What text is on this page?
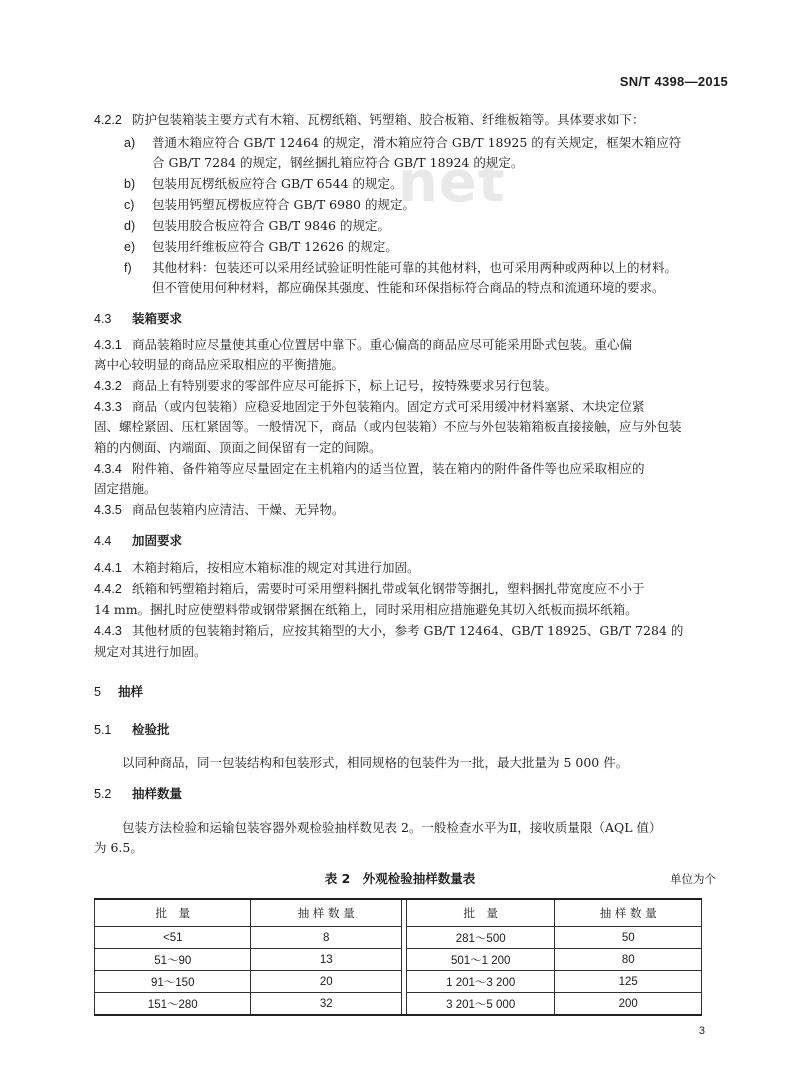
SN/T 4398—2015
net
4.2.2 防护包装箱装主要方式有木箱、瓦楞纸箱、钙塑箱、胶合板箱、纤维板箱等。具体要求如下：
a) 普通木箱应符合 GB/T 12464 的规定，滑木箱应符合 GB/T 18925 的有关规定，框架木箱应符
合 GB/T 7284 的规定，钢丝捆扎箱应符合 GB/T 18924 的规定。
b) 包装用瓦楞纸板应符合 GB/T 6544 的规定。
c) 包装用钙塑瓦楞板应符合 GB/T 6980 的规定。
d) 包装用胶合板应符合 GB/T 9846 的规定。
e) 包装用纤维板应符合 GB/T 12626 的规定。
f) 其他材料：包装还可以采用经试验证明性能可靠的其他材料，也可采用两种或两种以上的材料。
但不管使用何种材料，都应确保其强度、性能和环保指标符合商品的特点和流通环境的要求。
4.3 装箱要求
4.3.1 商品装箱时应尽量使其重心位置居中靠下。重心偏高的商品应尽可能采用卧式包装。重心偏
离中心较明显的商品应采取相应的平衡措施。
4.3.2 商品上有特别要求的零部件应尽可能拆下，标上记号，按特殊要求另行包装。
4.3.3 商品（或内包装箱）应稳妥地固定于外包装箱内。固定方式可采用缓冲材料塞紧、木块定位紧
固、螺栓紧固、压杠紧固等。一般情况下，商品（或内包装箱）不应与外包装箱箱板直接接触，应与外包装
箱的内侧面、内端面、顶面之间保留有一定的间隙。
4.3.4 附件箱、备件箱等应尽量固定在主机箱内的适当位置，装在箱内的附件备件等也应采取相应的
固定措施。
4.3.5 商品包装箱内应清洁、干燥、无异物。
4.4 加固要求
4.4.1 木箱封箱后，按相应木箱标准的规定对其进行加固。
4.4.2 纸箱和钙塑箱封箱后，需要时可采用塑料捆扎带或氧化钢带等捆扎，塑料捆扎带宽度应不小于
14 mm。捆扎时应使塑料带或钢带紧捆在纸箱上，同时采用相应措施避免其切入纸板而损坏纸箱。
4.4.3 其他材质的包装箱封箱后，应按其箱型的大小，参考 GB/T 12464、GB/T 18925、GB/T 7284 的
规定对其进行加固。
5 抽样
5.1 检验批
以同种商品，同一包装结构和包装形式，相同规格的包装件为一批，最大批量为 5 000 件。
5.2 抽样数量
包装方法检验和运输包装容器外观检验抽样数见表 2。一般检查水平为Ⅱ，接收质量限（AQL 值）
为 6.5。
表 2　外观检验抽样数量表	单位为个
批　量	抽 样 数 量		批　量	抽 样 数 量
<51	8		281～500	50
51～90	13		501～1 200	80
91～150	20		1 201～3 200	125
151～280	32		3 201～5 000	200
3
